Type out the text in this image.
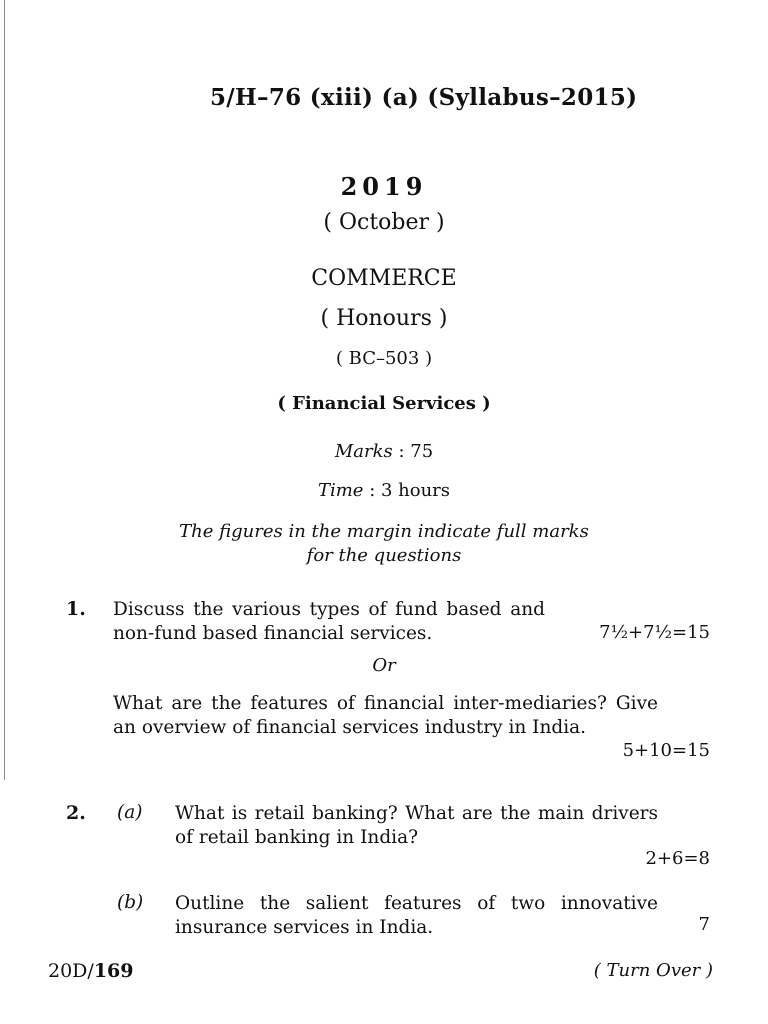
5/H–76 (xiii) (a) (Syllabus–2015)
2019
( October )
COMMERCE
( Honours )
( BC–503 )
( Financial Services )
Marks : 75
Time : 3 hours
The figures in the margin indicate full marks
for the questions
1. Discuss the various types of fund based and non-fund based financial services.	7½+7½=15
Or
What are the features of financial inter-mediaries? Give an overview of financial services industry in India.
5+10=15
2. (a) What is retail banking? What are the main drivers of retail banking in India?
2+6=8
(b) Outline the salient features of two innovative insurance services in India.	7
20D/169	( Turn Over )
